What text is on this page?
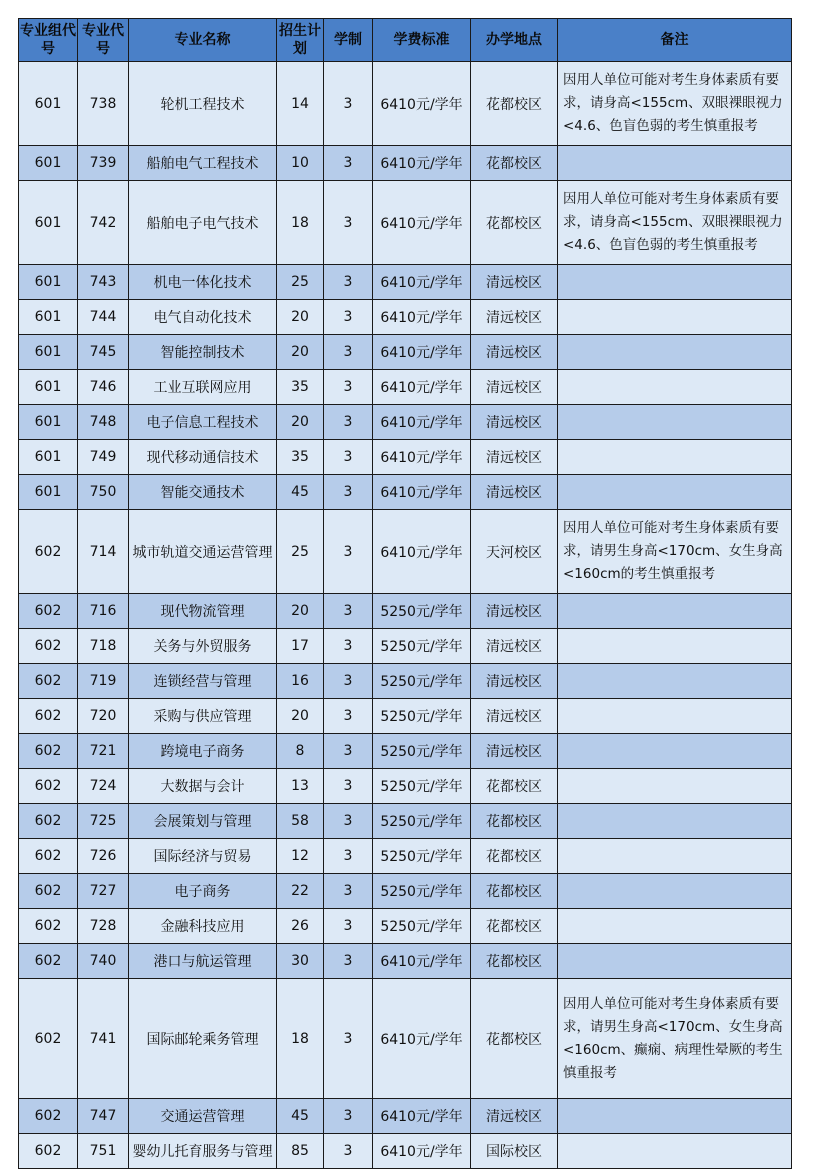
专业组代号	专业代号	专业名称	招生计划	学制	学费标准	办学地点	备注
601	738	轮机工程技术	14	3	6410元/学年	花都校区	因用人单位可能对考生身体素质有要求，请身高<155cm、双眼裸眼视力<4.6、色盲色弱的考生慎重报考
601	739	船舶电气工程技术	10	3	6410元/学年	花都校区	
601	742	船舶电子电气技术	18	3	6410元/学年	花都校区	因用人单位可能对考生身体素质有要求，请身高<155cm、双眼裸眼视力<4.6、色盲色弱的考生慎重报考
601	743	机电一体化技术	25	3	6410元/学年	清远校区	
601	744	电气自动化技术	20	3	6410元/学年	清远校区	
601	745	智能控制技术	20	3	6410元/学年	清远校区	
601	746	工业互联网应用	35	3	6410元/学年	清远校区	
601	748	电子信息工程技术	20	3	6410元/学年	清远校区	
601	749	现代移动通信技术	35	3	6410元/学年	清远校区	
601	750	智能交通技术	45	3	6410元/学年	清远校区	
602	714	城市轨道交通运营管理	25	3	6410元/学年	天河校区	因用人单位可能对考生身体素质有要求，请男生身高<170cm、女生身高<160cm的考生慎重报考
602	716	现代物流管理	20	3	5250元/学年	清远校区	
602	718	关务与外贸服务	17	3	5250元/学年	清远校区	
602	719	连锁经营与管理	16	3	5250元/学年	清远校区	
602	720	采购与供应管理	20	3	5250元/学年	清远校区	
602	721	跨境电子商务	8	3	5250元/学年	清远校区	
602	724	大数据与会计	13	3	5250元/学年	花都校区	
602	725	会展策划与管理	58	3	5250元/学年	花都校区	
602	726	国际经济与贸易	12	3	5250元/学年	花都校区	
602	727	电子商务	22	3	5250元/学年	花都校区	
602	728	金融科技应用	26	3	5250元/学年	花都校区	
602	740	港口与航运管理	30	3	6410元/学年	花都校区	
602	741	国际邮轮乘务管理	18	3	6410元/学年	花都校区	因用人单位可能对考生身体素质有要求，请男生身高<170cm、女生身高<160cm、癫痫、病理性晕厥的考生慎重报考
602	747	交通运营管理	45	3	6410元/学年	清远校区	
602	751	婴幼儿托育服务与管理	85	3	6410元/学年	国际校区	
